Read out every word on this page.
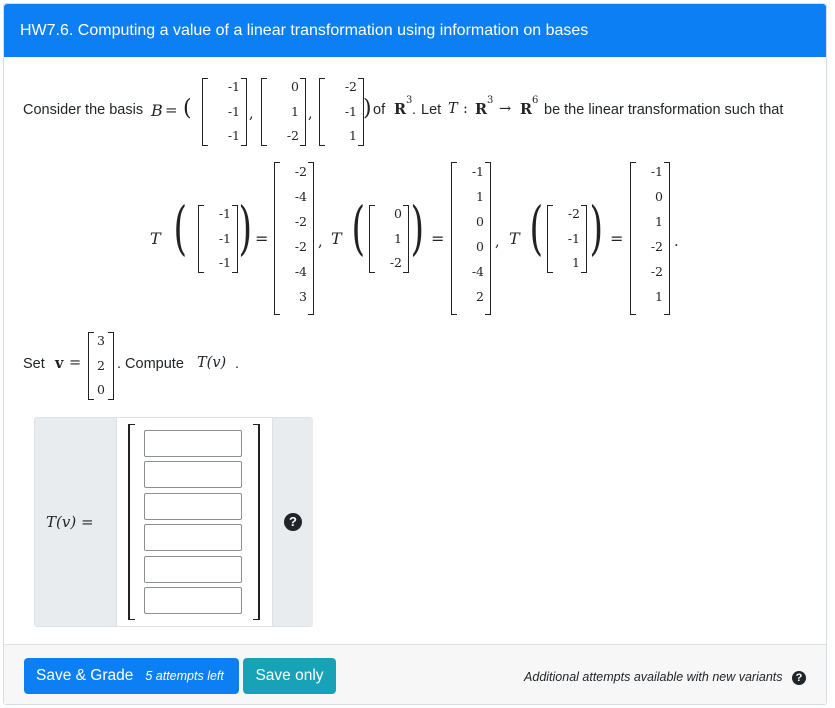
HW7.6. Computing a value of a linear transformation using information on bases
Consider the basis B = (
-1
-1
-1
,
0
1
-2
,
-2
-1
1
) of R
3
. Let T : R
3
→ R
6
be the linear transformation such that
T (	-1
-1
-1
) =
-2
-4
-2
-2
-4
3
, T (	0
1
-2
) =
-1
1
0
0
-4
2
, T (	-2
-1
1
) =
-1
0
1
-2
-2
1
.
Set v =
3
2
0
. Compute T(v) .
T(v) =	?
Save & Grade 5 attempts left Save only	Additional attempts available with new variants ?
